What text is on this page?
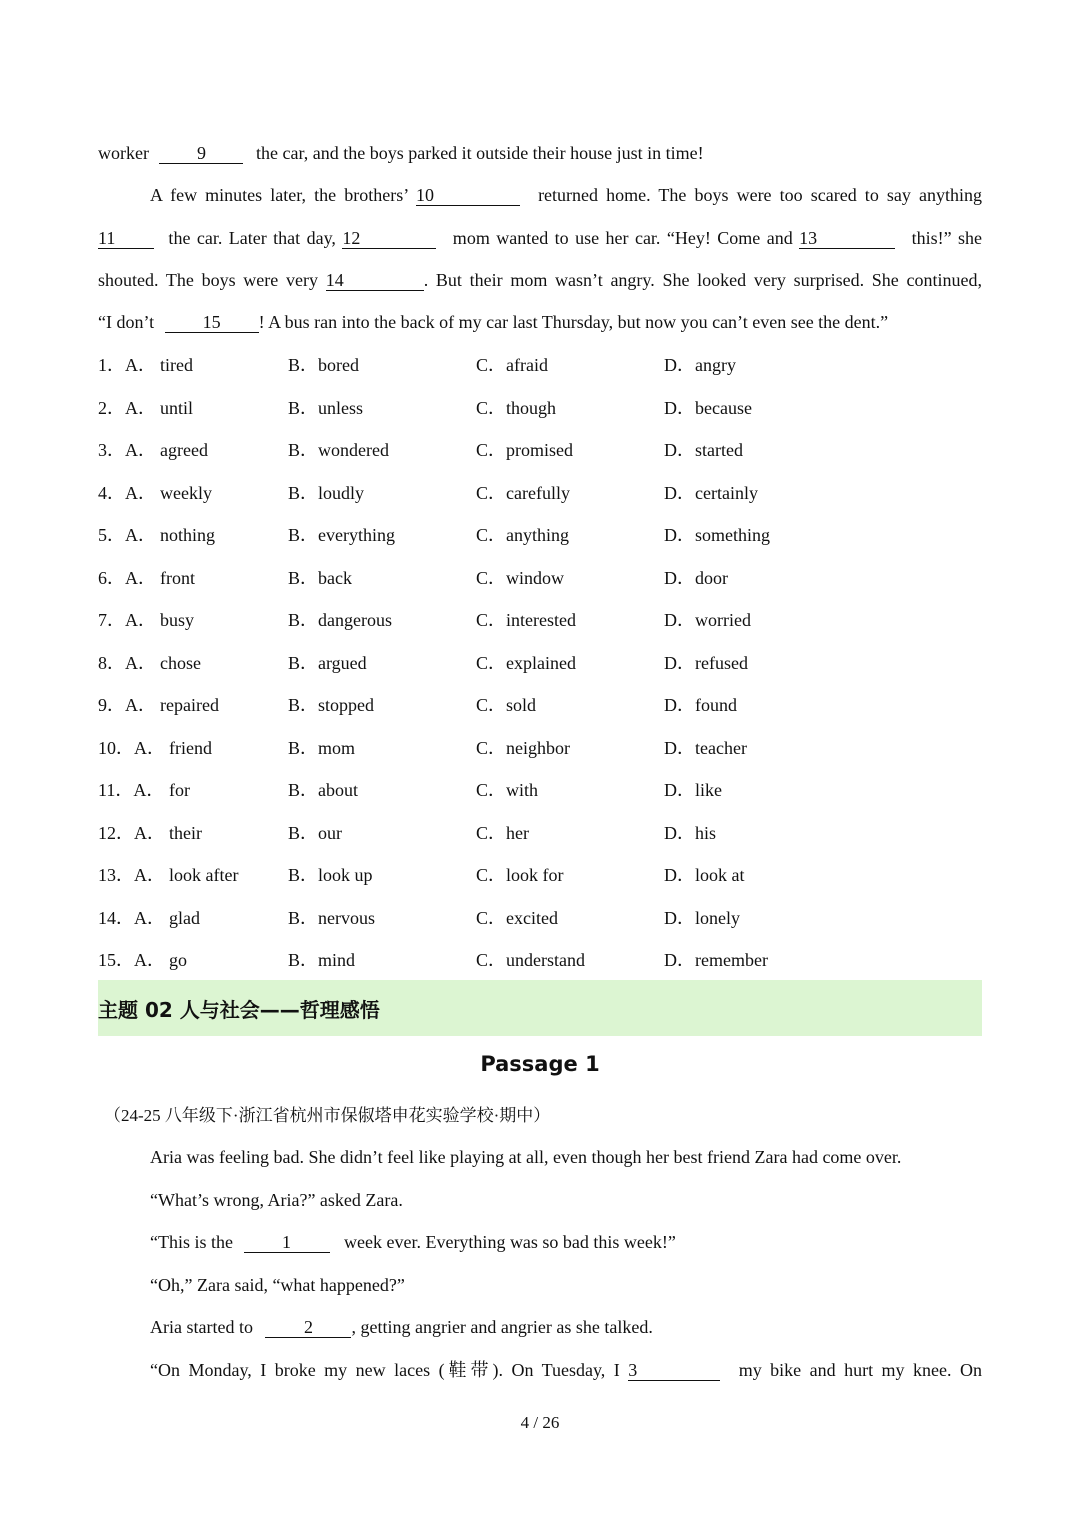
worker 9	the car, and the boys parked it outside their house just in time!
A few minutes later, the brothers’ 10	returned home. The boys were too scared to say anything
11	the car. Later that day, 12	mom wanted to use her car. “Hey! Come and 13	this!” she
shouted. The boys were very 14	. But their mom wasn’t angry. She looked very surprised. She continued,
“I don’t 15 ! A bus ran into the back of my car last Thursday, but now you can’t even see the dent.”
1．A． tired	B．bored	C．afraid	D．angry
2．A． until	B．unless	C．though	D．because
3．A． agreed	B．wondered	C．promised	D．started
4．A． weekly	B．loudly	C．carefully	D．certainly
5．A． nothing	B．everything	C．anything	D．something
6．A． front	B．back	C．window	D．door
7．A． busy	B．dangerous	C．interested	D．worried
8．A． chose	B．argued	C．explained	D．refused
9．A． repaired	B．stopped	C．sold	D．found
10．A． friend	B．mom	C．neighbor	D．teacher
11．A． for	B．about	C．with	D．like
12．A． their	B．our	C．her	D．his
13．A． look after	B．look up	C．look for	D．look at
14．A． glad	B．nervous	C．excited	D．lonely
15．A． go	B．mind	C．understand	D．remember
主题 02 人与社会——哲理感悟
Passage 1
（24-25 八年级下·浙江省杭州市保俶塔申花实验学校·期中）
Aria was feeling bad. She didn’t feel like playing at all, even though her best friend Zara had come over.
“What’s wrong, Aria?” asked Zara.
“This is the 1	week ever. Everything was so bad this week!”
“Oh,” Zara said, “what happened?”
Aria started to	2 , getting angrier and angrier as she talked.
“On Monday, I broke my new laces (鞋带). On Tuesday, I 3	my bike and hurt my knee. On
4 / 26
